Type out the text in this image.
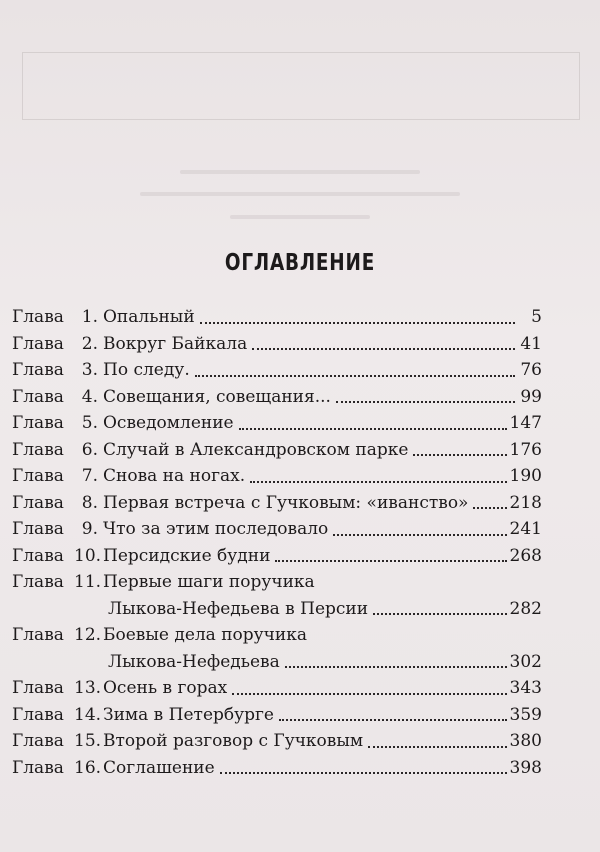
ОГЛАВЛЕНИЕ
Глава	1. Опальный	5
Глава	2. Вокруг Байкала	41
Глава	3. По следу.	76
Глава	4. Совещания, совещания...	99
Глава	5. Осведомление	147
Глава	6. Случай в Александровском парке	176
Глава	7. Снова на ногах.	190
Глава	8. Первая встреча с Гучковым: «иванство» 218
Глава	9. Что за этим последовало	241
Глава 10. Персидские будни	268
Глава 11. Первые шаги поручика
Лыкова-Нефедьева в Персии	282
Глава 12. Боевые дела поручика
Лыкова-Нефедьева	302
Глава 13. Осень в горах	343
Глава 14. Зима в Петербурге	359
Глава 15. Второй разговор с Гучковым	380
Глава 16. Соглашение	398
